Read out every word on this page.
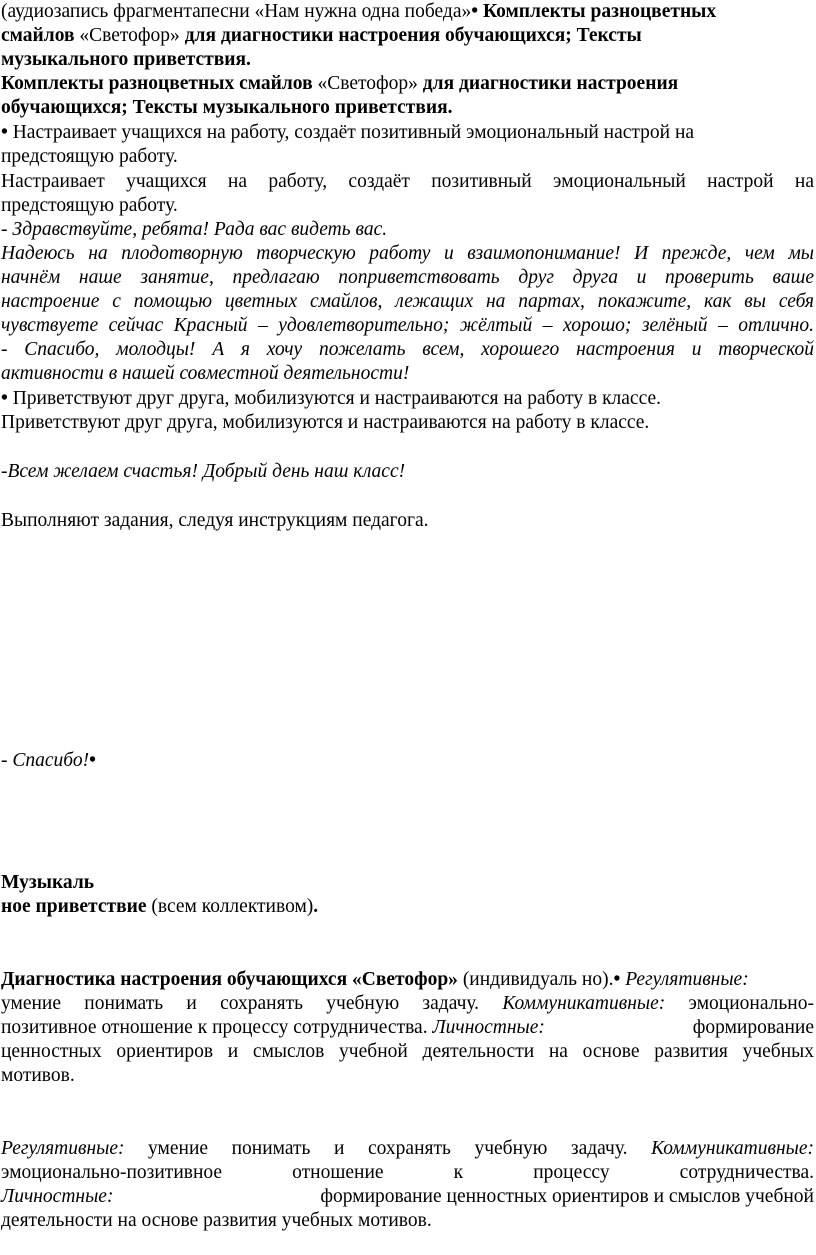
(аудиозапись фрагментапесни «Нам нужна одна победа»• Комплекты разноцветных
смайлов «Светофор» для диагностики настроения обучающихся; Тексты
музыкального приветствия.
Комплекты разноцветных смайлов «Светофор» для диагностики настроения
обучающихся; Тексты музыкального приветствия.
• Настраивает учащихся на работу, создаёт позитивный эмоциональный настрой на
предстоящую работу.
Настраивает учащихся на работу, создаёт позитивный эмоциональный настрой на
предстоящую работу.
- Здравствуйте, ребята! Рада вас видеть вас.
Надеюсь на плодотворную творческую работу и взаимопонимание! И прежде, чем мы
начнём наше занятие, предлагаю поприветствовать друг друга и проверить ваше
настроение с помощью цветных смайлов, лежащих на партах, покажите, как вы себя
чувствуете сейчас Красный – удовлетворительно; жёлтый – хорошо; зелёный – отлично.
- Спасибо, молодцы! А я хочу пожелать всем, хорошего настроения и творческой
активности в нашей совместной деятельности!
• Приветствуют друг друга, мобилизуются и настраиваются на работу в классе.
Приветствуют друг друга, мобилизуются и настраиваются на работу в классе.
-Всем желаем счастья! Добрый день наш класс!
Выполняют задания, следуя инструкциям педагога.
- Спасибо!•
Музыкаль
ное приветствие (всем коллективом).
Диагностика настроения обучающихся «Светофор» (индивидуаль но).• Регулятивные:
умение понимать и сохранять учебную задачу. Коммуникативные: эмоционально-
позитивное отношение к процессу сотрудничества. Личностные:	формирование
ценностных ориентиров и смыслов учебной деятельности на основе развития учебных
мотивов.
Регулятивные: умение понимать и сохранять учебную задачу. Коммуникативные:
эмоционально-позитивное отношение к процессу сотрудничества.
Личностные:	формирование ценностных ориентиров и смыслов учебной
деятельности на основе развития учебных мотивов.
